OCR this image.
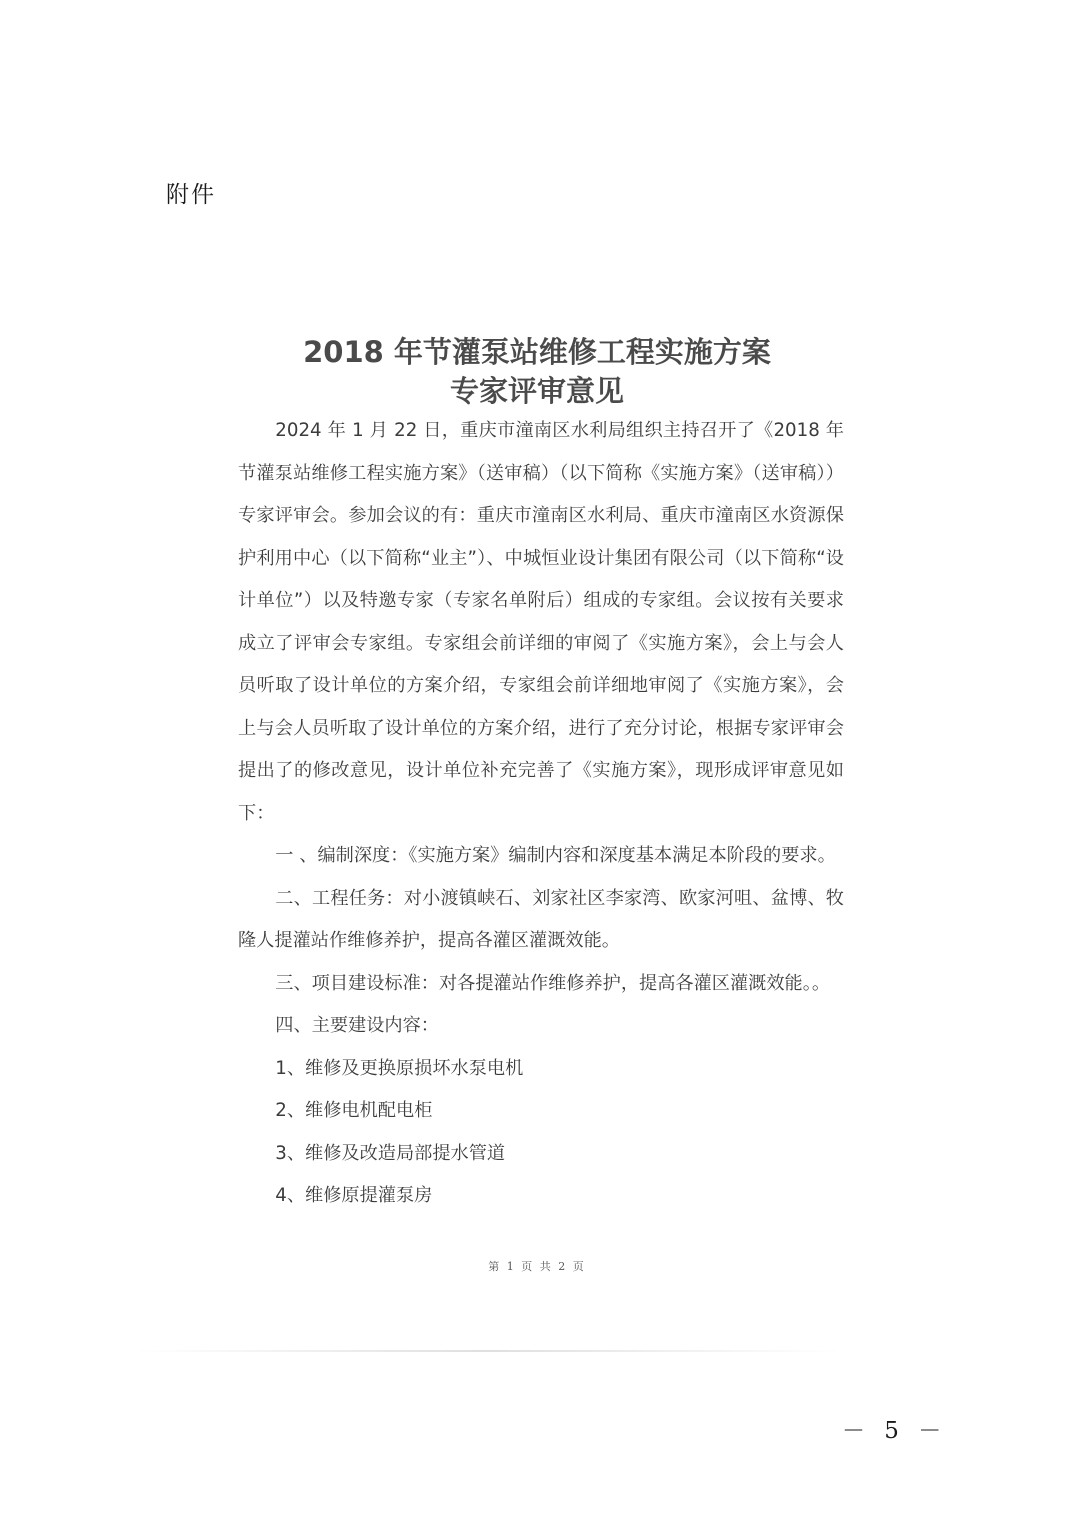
附件
2018 年节灌泵站维修工程实施方案
专家评审意见

2024 年 1 月 22 日，重庆市潼南区水利局组织主持召开了《2018 年节灌泵站维修工程实施方案》（送审稿）（以下简称《实施方案》（送审稿））专家评审会。参加会议的有：重庆市潼南区水利局、重庆市潼南区水资源保护利用中心（以下简称“业主”）、中城恒业设计集团有限公司（以下简称“设计单位”）以及特邀专家（专家名单附后）组成的专家组。会议按有关要求成立了评审会专家组。专家组会前详细的审阅了《实施方案》，会上与会人员听取了设计单位的方案介绍，专家组会前详细地审阅了《实施方案》，会上与会人员听取了设计单位的方案介绍，进行了充分讨论，根据专家评审会提出了的修改意见，设计单位补充完善了《实施方案》，现形成评审意见如下：

一 、编制深度：《实施方案》编制内容和深度基本满足本阶段的要求。

二、工程任务：对小渡镇峡石、刘家社区李家湾、欧家河咀、盆博、牧隆人提灌站作维修养护，提高各灌区灌溉效能。

三、项目建设标准：对各提灌站作维修养护，提高各灌区灌溉效能。。

四、主要建设内容：

1、维修及更换原损坏水泵电机

2、维修电机配电柜

3、维修及改造局部提水管道

4、维修原提灌泵房

第 1 页 共 2 页
－ 5 －
